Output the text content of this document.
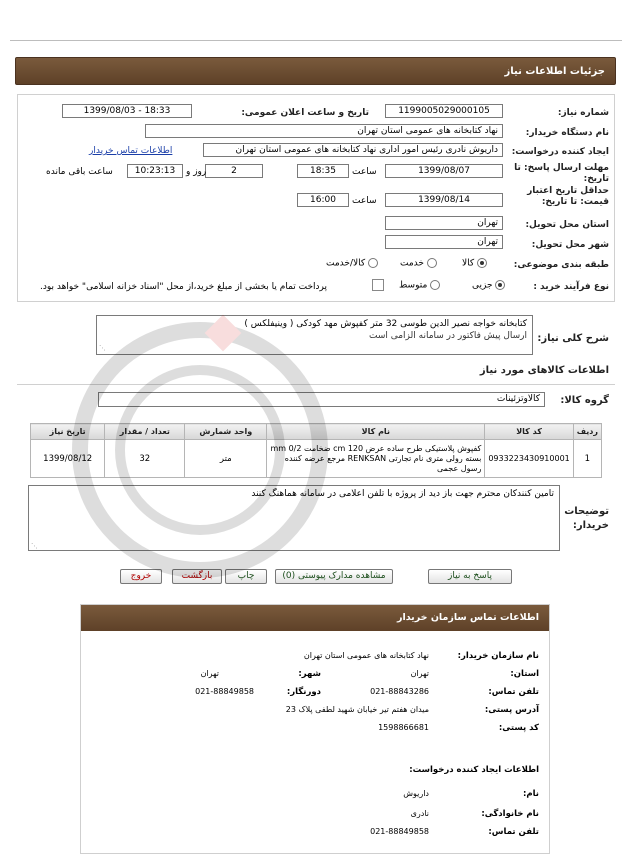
جزئیات اطلاعات نیاز
شماره نیاز:
1199005029000105
تاریخ و ساعت اعلان عمومی:
1399/08/03 - 18:33
نام دستگاه خریدار:
نهاد کتابخانه های عمومی استان تهران
ایجاد کننده درخواست:
داریوش نادری رئیس امور اداری نهاد کتابخانه های عمومی استان تهران
اطلاعات تماس خریدار
مهلت ارسال پاسخ: تا تاریخ:
1399/08/07
ساعت
18:35
2
روز و
10:23:13
ساعت باقی مانده
حداقل تاریخ اعتبار قیمت: تا تاریخ:
1399/08/14
ساعت
16:00
استان محل تحویل:
تهران
شهر محل تحویل:
تهران
طبقه بندی موضوعی:
کالا
خدمت
کالا/خدمت
نوع فرآیند خرید :
جزیی
متوسط
پرداخت تمام یا بخشی از مبلغ خرید،از محل "اسناد خزانه اسلامی" خواهد بود.
شرح کلی نیاز:
کتابخانه خواجه نصیر الدین طوسی 32 متر کفپوش مهد کودکی ( وینیفلکس )
ارسال پیش فاکتور در سامانه الزامی است
⋰
اطلاعات کالاهای مورد نیاز
گروه کالا:
کالاوتزئینات
ردیف	کد کالا	نام کالا	واحد شمارش	تعداد / مقدار	تاریخ نیاز
1	0933223430910001	کفپوش پلاستیکی طرح ساده عرض 120 cm ضخامت 0/2 mm بسته رولی متری نام تجارتی RENKSAN مرجع عرضه کننده رسول عجمی	متر	32	1399/08/12
توضیحات خریدار:
تامین کنندکان محترم جهت باز دید از پروژه با تلفن اعلامی در سامانه هماهنگ کنند
⋰
پاسخ به نیاز
مشاهده مدارک پیوستی (0)
چاپ
بازگشت
خروج
اطلاعات تماس سازمان خریدار
نام سازمان خریدار:
نهاد کتابخانه های عمومی استان تهران
استان:
تهران
شهر:
تهران
تلفن تماس:
021-88843286
دورنگار:
021-88849858
آدرس پستی:
میدان هفتم تیر خیابان شهید لطفی پلاک 23
کد پستی:
1598866681
اطلاعات ایجاد کننده درخواست:
نام:
داریوش
نام خانوادگی:
نادری
تلفن تماس:
021-88849858
